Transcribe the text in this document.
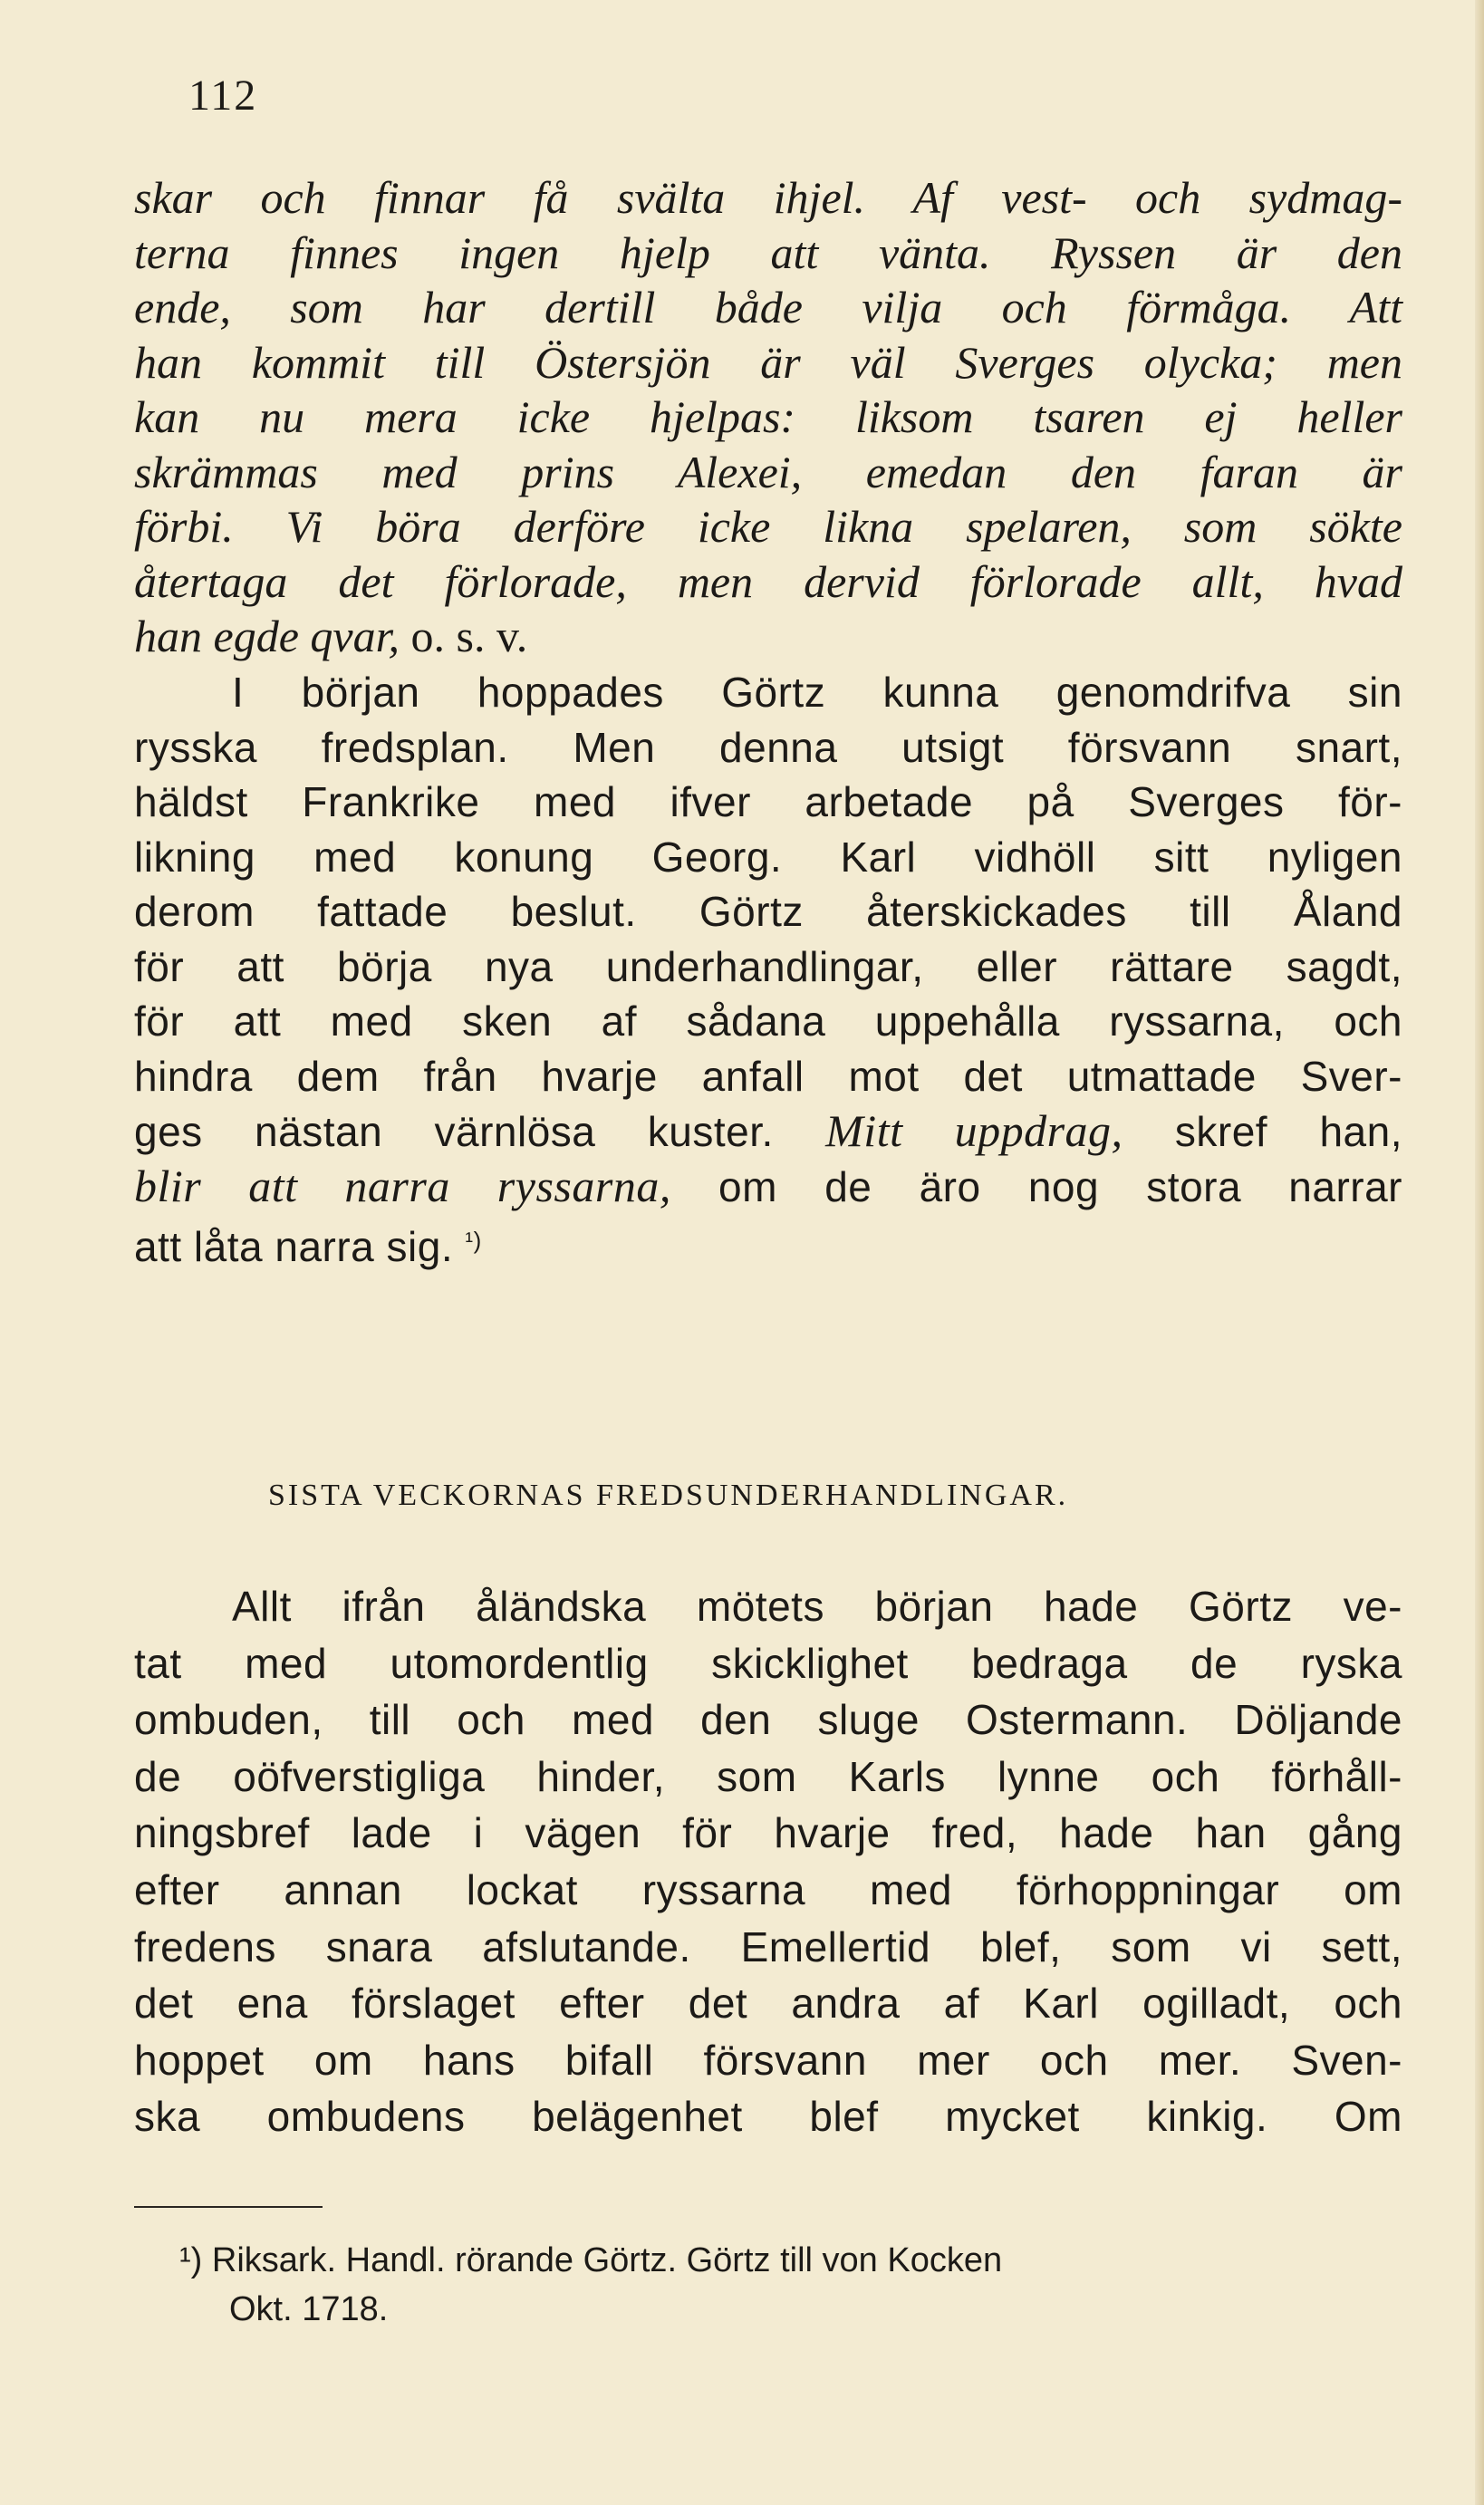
112
skar och finnar få svälta ihjel. Af vest- och sydmag-
terna finnes ingen hjelp att vänta. Ryssen är den
ende, som har dertill både vilja och förmåga. Att
han kommit till Östersjön är väl Sverges olycka; men
kan nu mera icke hjelpas: liksom tsaren ej heller
skrämmas med prins Alexei, emedan den faran är
förbi. Vi böra derföre icke likna spelaren, som sökte
återtaga det förlorade, men dervid förlorade allt, hvad
han egde qvar, o. s. v.
I början hoppades Görtz kunna genomdrifva sin
rysska fredsplan. Men denna utsigt försvann snart,
häldst Frankrike med ifver arbetade på Sverges för-
likning med konung Georg. Karl vidhöll sitt nyligen
derom fattade beslut. Görtz återskickades till Åland
för att börja nya underhandlingar, eller rättare sagdt,
för att med sken af sådana uppehålla ryssarna, och
hindra dem från hvarje anfall mot det utmattade Sver-
ges nästan värnlösa kuster. Mitt uppdrag, skref han,
blir att narra ryssarna, om de äro nog stora narrar
att låta narra sig. $^{^1)}$
SISTA VECKORNAS FREDSUNDERHANDLINGAR.
Allt ifrån åländska mötets början hade Görtz ve-
tat med utomordentlig skicklighet bedraga de ryska
ombuden, till och med den sluge Ostermann. Döljande
de oöfverstigliga hinder, som Karls lynne och förhåll-
ningsbref lade i vägen för hvarje fred, hade han gång
efter annan lockat ryssarna med förhoppningar om
fredens snara afslutande. Emellertid blef, som vi sett,
det ena förslaget efter det andra af Karl ogilladt, och
hoppet om hans bifall försvann mer och mer. Sven-
ska ombudens belägenhet blef mycket kinkig. Om
¹) Riksark. Handl. rörande Görtz. Görtz till von Kocken
Okt. 1718.
